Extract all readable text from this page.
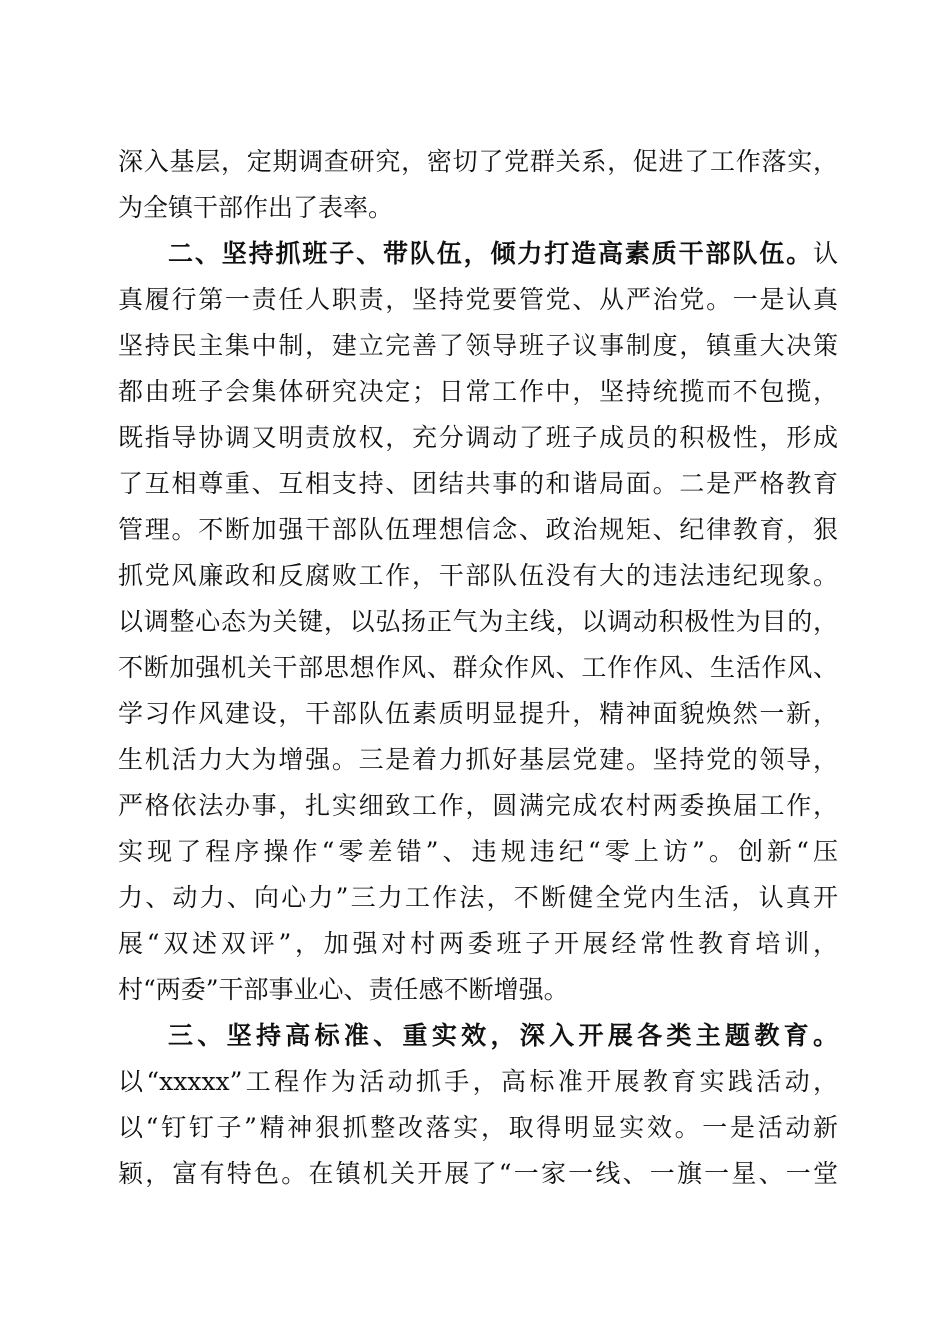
深入基层，定期调查研究，密切了党群关系，促进了工作落实，
为全镇干部作出了表率。
二、坚持抓班子、带队伍，倾力打造高素质干部队伍。认
真履行第一责任人职责，坚持党要管党、从严治党。一是认真
坚持民主集中制，建立完善了领导班子议事制度，镇重大决策
都由班子会集体研究决定；日常工作中，坚持统揽而不包揽，
既指导协调又明责放权，充分调动了班子成员的积极性，形成
了互相尊重、互相支持、团结共事的和谐局面。二是严格教育
管理。不断加强干部队伍理想信念、政治规矩、纪律教育，狠
抓党风廉政和反腐败工作，干部队伍没有大的违法违纪现象。
以调整心态为关键，以弘扬正气为主线，以调动积极性为目的，
不断加强机关干部思想作风、群众作风、工作作风、生活作风、
学习作风建设，干部队伍素质明显提升，精神面貌焕然一新，
生机活力大为增强。三是着力抓好基层党建。坚持党的领导，
严格依法办事，扎实细致工作，圆满完成农村两委换届工作，
实现了程序操作“零差错”、违规违纪“零上访”。创新“压
力、动力、向心力”三力工作法，不断健全党内生活，认真开
展“双述双评”，加强对村两委班子开展经常性教育培训，
村“两委”干部事业心、责任感不断增强。
三、坚持高标准、重实效，深入开展各类主题教育。
以“xxxxx”工程作为活动抓手，高标准开展教育实践活动，
以“钉钉子”精神狠抓整改落实，取得明显实效。一是活动新
颖，富有特色。在镇机关开展了“一家一线、一旗一星、一堂
